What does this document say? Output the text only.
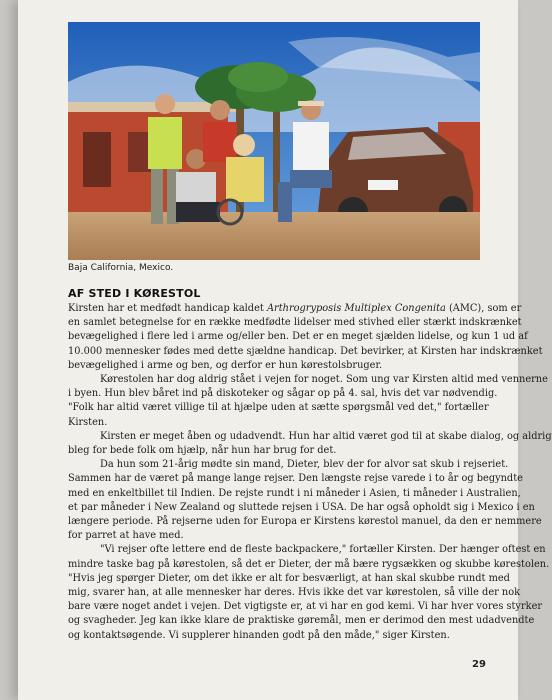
Baja California, Mexico.
AF STED I KØRESTOL
Kirsten har et medfødt handicap kaldet Arthrogryposis Multiplex Congenita (AMC), som er
en samlet betegnelse for en række medfødte lidelser med stivhed eller stærkt indskrænket
bevægelighed i flere led i arme og/eller ben. Det er en meget sjælden lidelse, og kun 1 ud af
10.000 mennesker fødes med dette sjældne handicap. Det bevirker, at Kirsten har indskrænket
bevægelighed i arme og ben, og derfor er hun kørestolsbruger.
Kørestolen har dog aldrig stået i vejen for noget. Som ung var Kirsten altid med vennerne
i byen. Hun blev båret ind på diskoteker og sågar op på 4. sal, hvis det var nødvendig.
"Folk har altid været villige til at hjælpe uden at sætte spørgsmål ved det," fortæller
Kirsten.
Kirsten er meget åben og udadvendt. Hun har altid været god til at skabe dialog, og aldrig
bleg for bede folk om hjælp, når hun har brug for det.
Da hun som 21-årig mødte sin mand, Dieter, blev der for alvor sat skub i rejseriet.
Sammen har de været på mange lange rejser. Den længste rejse varede i to år og begyndte
med en enkeltbillet til Indien. De rejste rundt i ni måneder i Asien, ti måneder i Australien,
et par måneder i New Zealand og sluttede rejsen i USA. De har også opholdt sig i Mexico i en
længere periode. På rejserne uden for Europa er Kirstens kørestol manuel, da den er nemmere
for parret at have med.
"Vi rejser ofte lettere end de fleste backpackere," fortæller Kirsten. Der hænger oftest en
mindre taske bag på kørestolen, så det er Dieter, der må bære rygsækken og skubbe kørestolen.
"Hvis jeg spørger Dieter, om det ikke er alt for besværligt, at han skal skubbe rundt med
mig, svarer han, at alle mennesker har deres. Hvis ikke det var kørestolen, så ville der nok
bare være noget andet i vejen. Det vigtigste er, at vi har en god kemi. Vi har hver vores styrker
og svagheder. Jeg kan ikke klare de praktiske gøremål, men er derimod den mest udadvendte
og kontaktsøgende. Vi supplerer hinanden godt på den måde," siger Kirsten.
29
